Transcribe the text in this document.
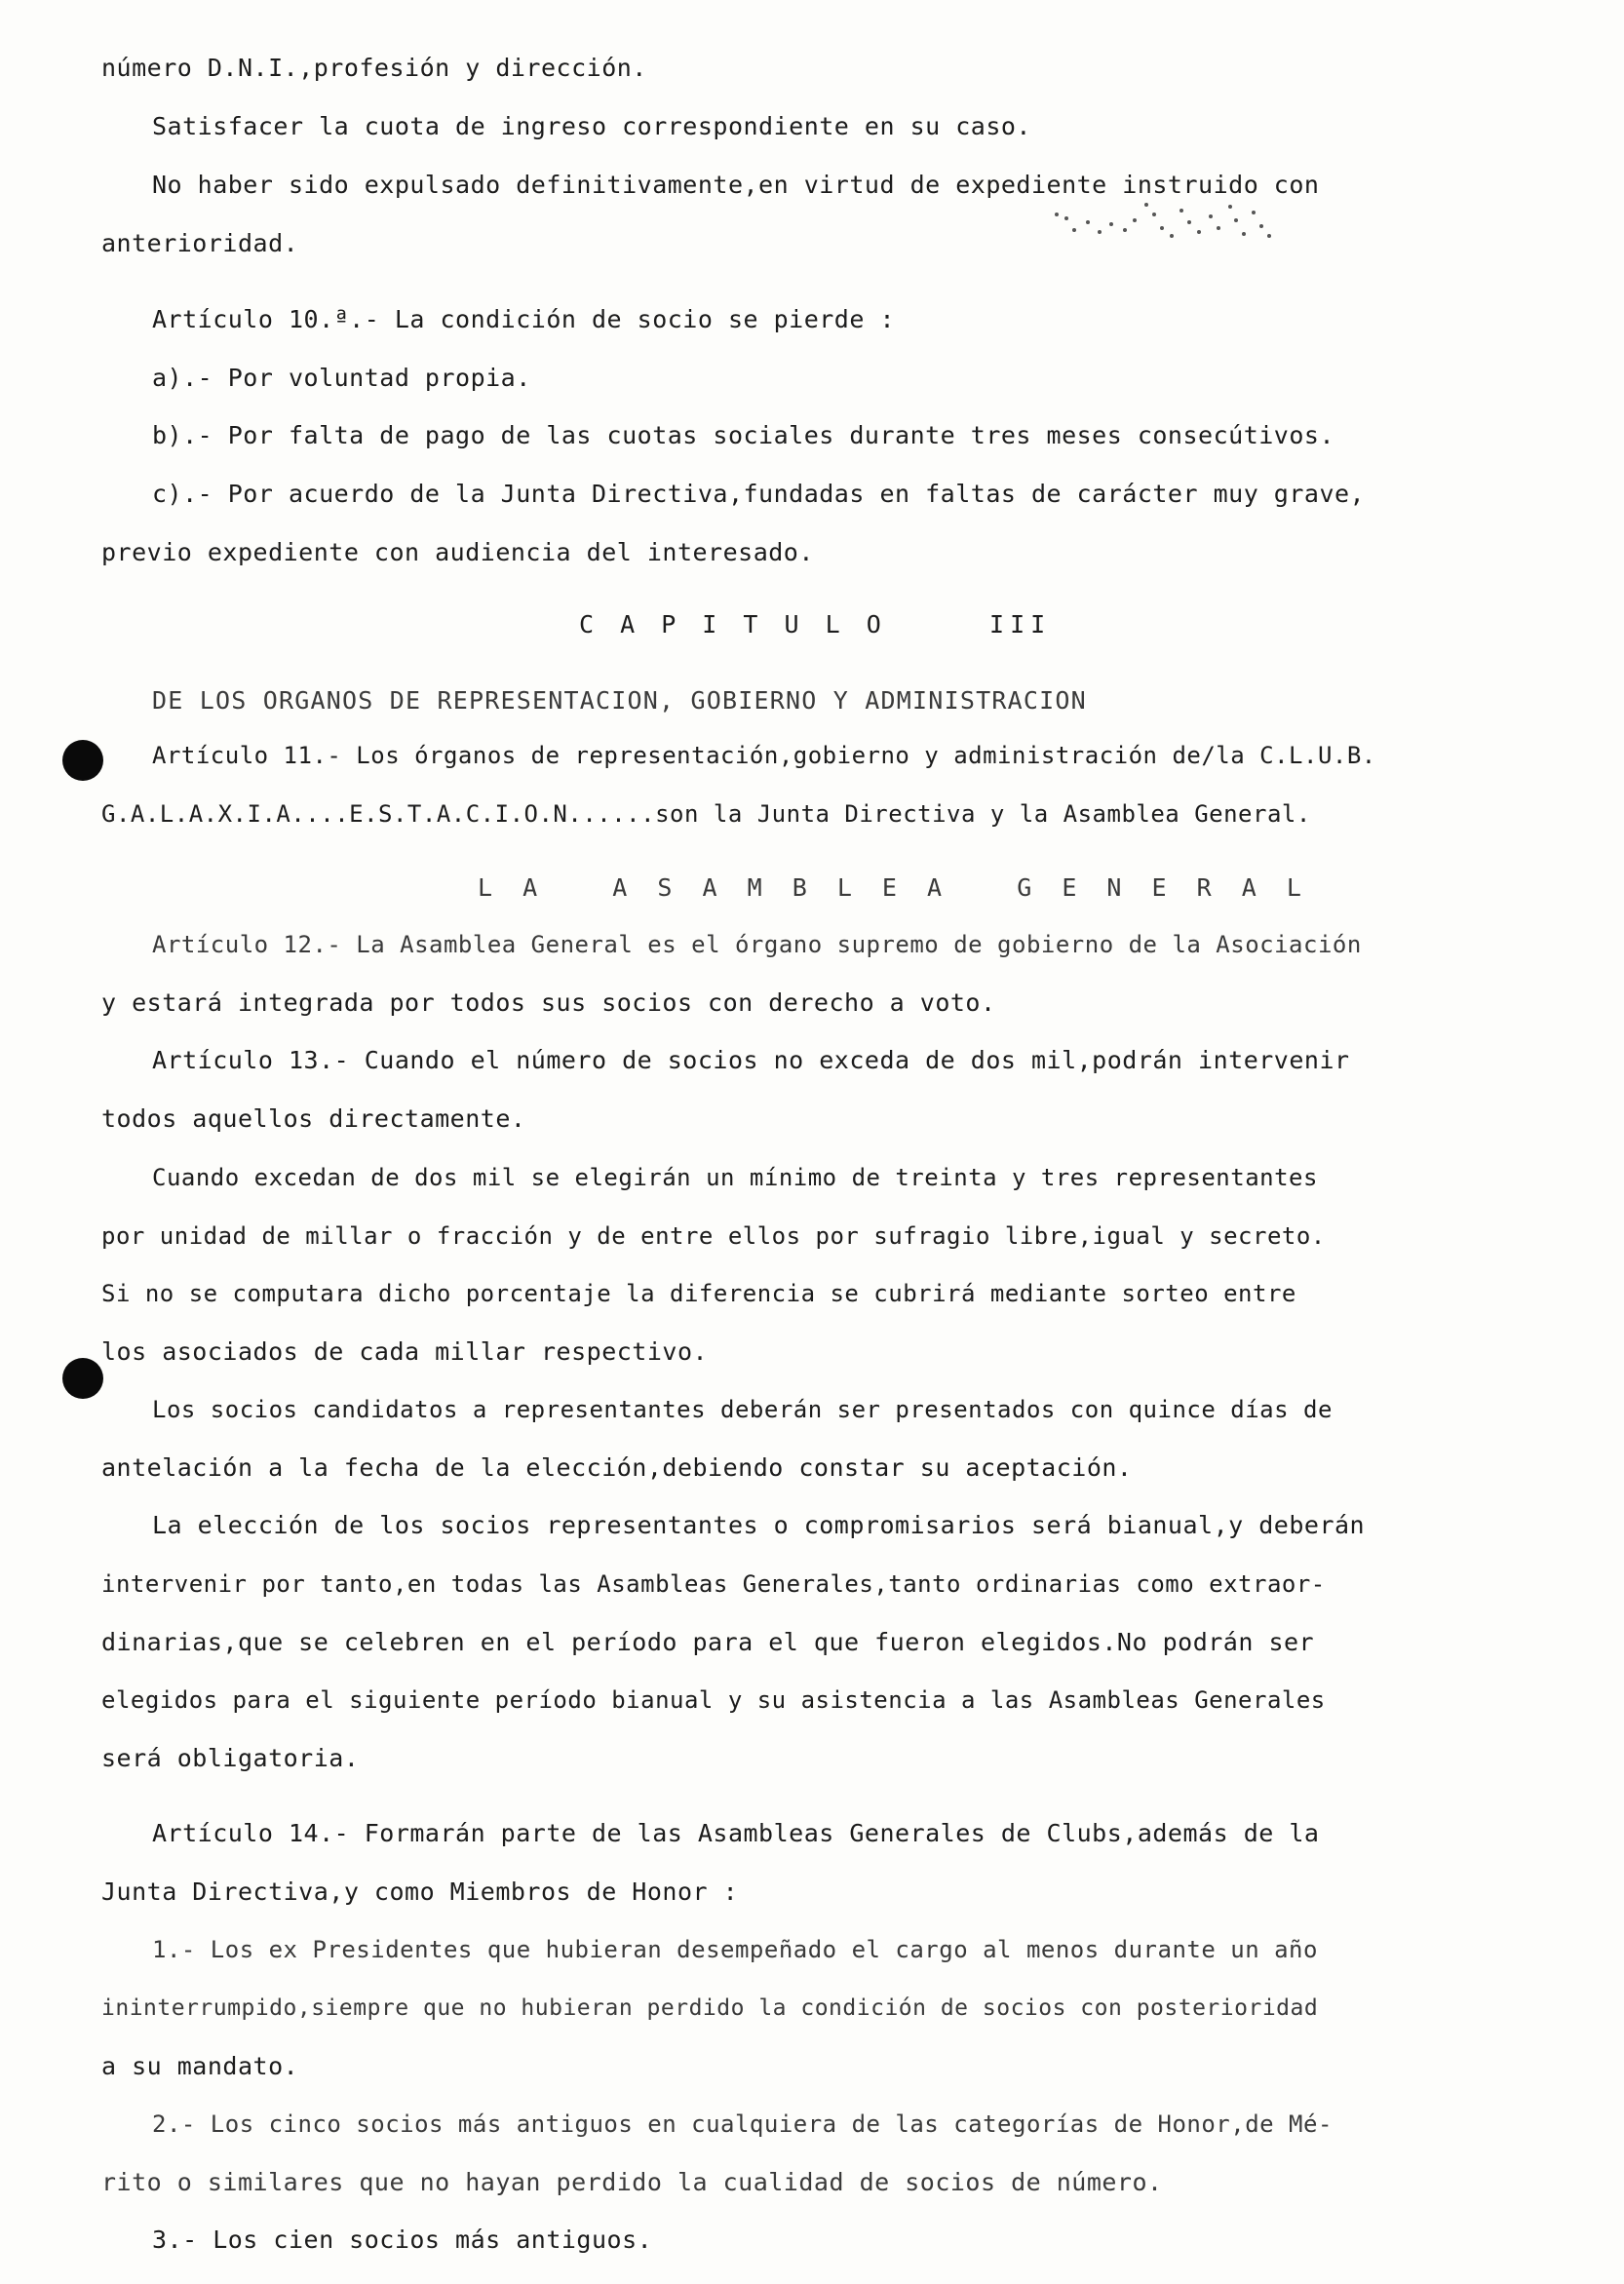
número D.N.I.,profesión y dirección.
Satisfacer la cuota de ingreso correspondiente en su caso.
No haber sido expulsado definitivamente,en virtud de expediente instruido con
anterioridad.
Artículo 10.ª.- La condición de socio se pierde :
a).- Por voluntad propia.
b).- Por falta de pago de las cuotas sociales durante tres meses consecútivos.
c).- Por acuerdo de la Junta Directiva,fundadas en faltas de carácter muy grave,
previo expediente con audiencia del interesado.
C A P I T U L O     III
DE LOS ORGANOS DE REPRESENTACION, GOBIERNO Y ADMINISTRACION
Artículo 11.- Los órganos de representación,gobierno y administración de/la C.L.U.B.
G.A.L.A.X.I.A....E.S.T.A.C.I.O.N......son la Junta Directiva y la Asamblea General.
L A   A S A M B L E A   G E N E R A L
Artículo 12.- La Asamblea General es el órgano supremo de gobierno de la Asociación
y estará integrada por todos sus socios con derecho a voto.
Artículo 13.- Cuando el número de socios no exceda de dos mil,podrán intervenir
todos aquellos directamente.
Cuando excedan de dos mil se elegirán un mínimo de treinta y tres representantes
por unidad de millar o fracción y de entre ellos por sufragio libre,igual y secreto.
Si no se computara dicho porcentaje la diferencia se cubrirá mediante sorteo entre
los asociados de cada millar respectivo.
Los socios candidatos a representantes deberán ser presentados con quince días de
antelación a la fecha de la elección,debiendo constar su aceptación.
La elección de los socios representantes o compromisarios será bianual,y deberán
intervenir por tanto,en todas las Asambleas Generales,tanto ordinarias como extraor-
dinarias,que se celebren en el período para el que fueron elegidos.No podrán ser
elegidos para el siguiente período bianual y su asistencia a las Asambleas Generales
será obligatoria.
Artículo 14.- Formarán parte de las Asambleas Generales de Clubs,además de la
Junta Directiva,y como Miembros de Honor :
1.- Los ex Presidentes que hubieran desempeñado el cargo al menos durante un año
ininterrumpido,siempre que no hubieran perdido la condición de socios con posterioridad
a su mandato.
2.- Los cinco socios más antiguos en cualquiera de las categorías de Honor,de Mé-
rito o similares que no hayan perdido la cualidad de socios de número.
3.- Los cien socios más antiguos.
